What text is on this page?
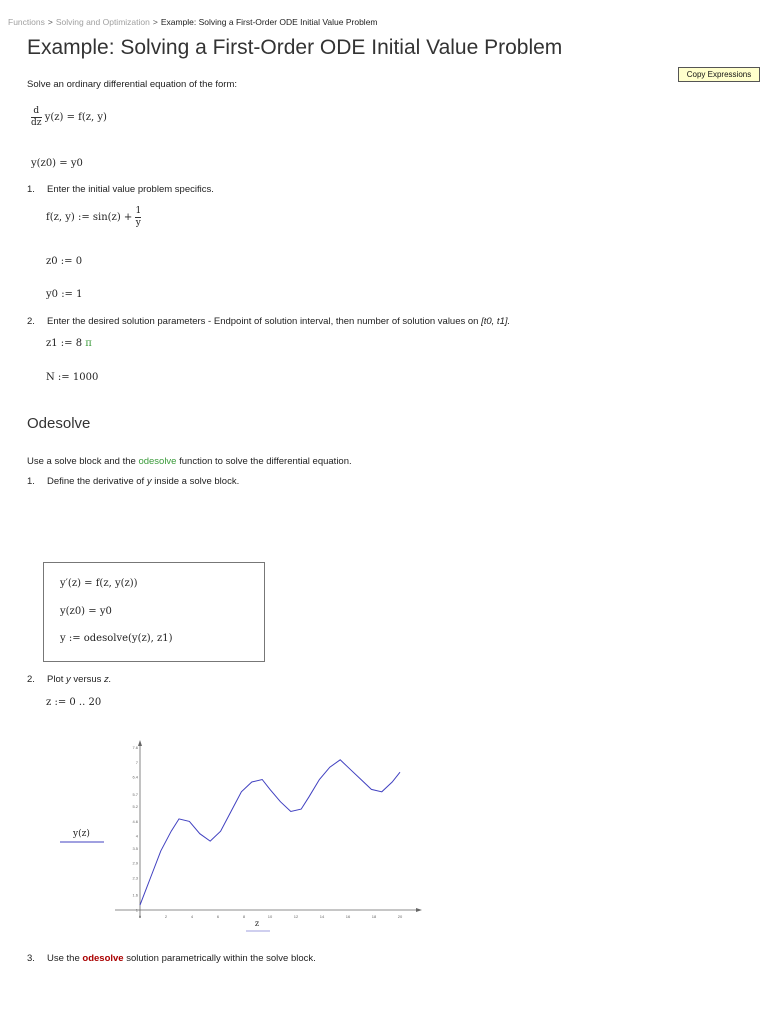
Functions > Solving and Optimization > Example: Solving a First-Order ODE Initial Value Problem
Example: Solving a First-Order ODE Initial Value Problem
Copy Expressions
Solve an ordinary differential equation of the form:
$\frac{d}{dz} y(z) = f(z$, y)
y(z0) = y0
1. Enter the initial value problem specifics.
f(z, y) := $\sin(z) + \frac{1}{y}$
z0 := 0
y0 := 1
2. Enter the desired solution parameters - Endpoint of solution interval, then number of solution values on [t0, t1].
z1 := 8 π
N := 1000
Odesolve
Use a solve block and the odesolve function to solve the differential equation.
1. Define the derivative of y inside a solve block.
y′(z) = f(z, y(z))
y(z0) = y0
y := odesolve(y(z), z1)
2. Plot y versus z.
z := 0 .. 20
0	2	4	6	8	10	12	14	16	18	20
1
1.6
2.3
2.9
3.5
4
4.6
5.2
5.7
6.4
7
7.6
y(z)
z
3. Use the odesolve solution parametrically within the solve block.
